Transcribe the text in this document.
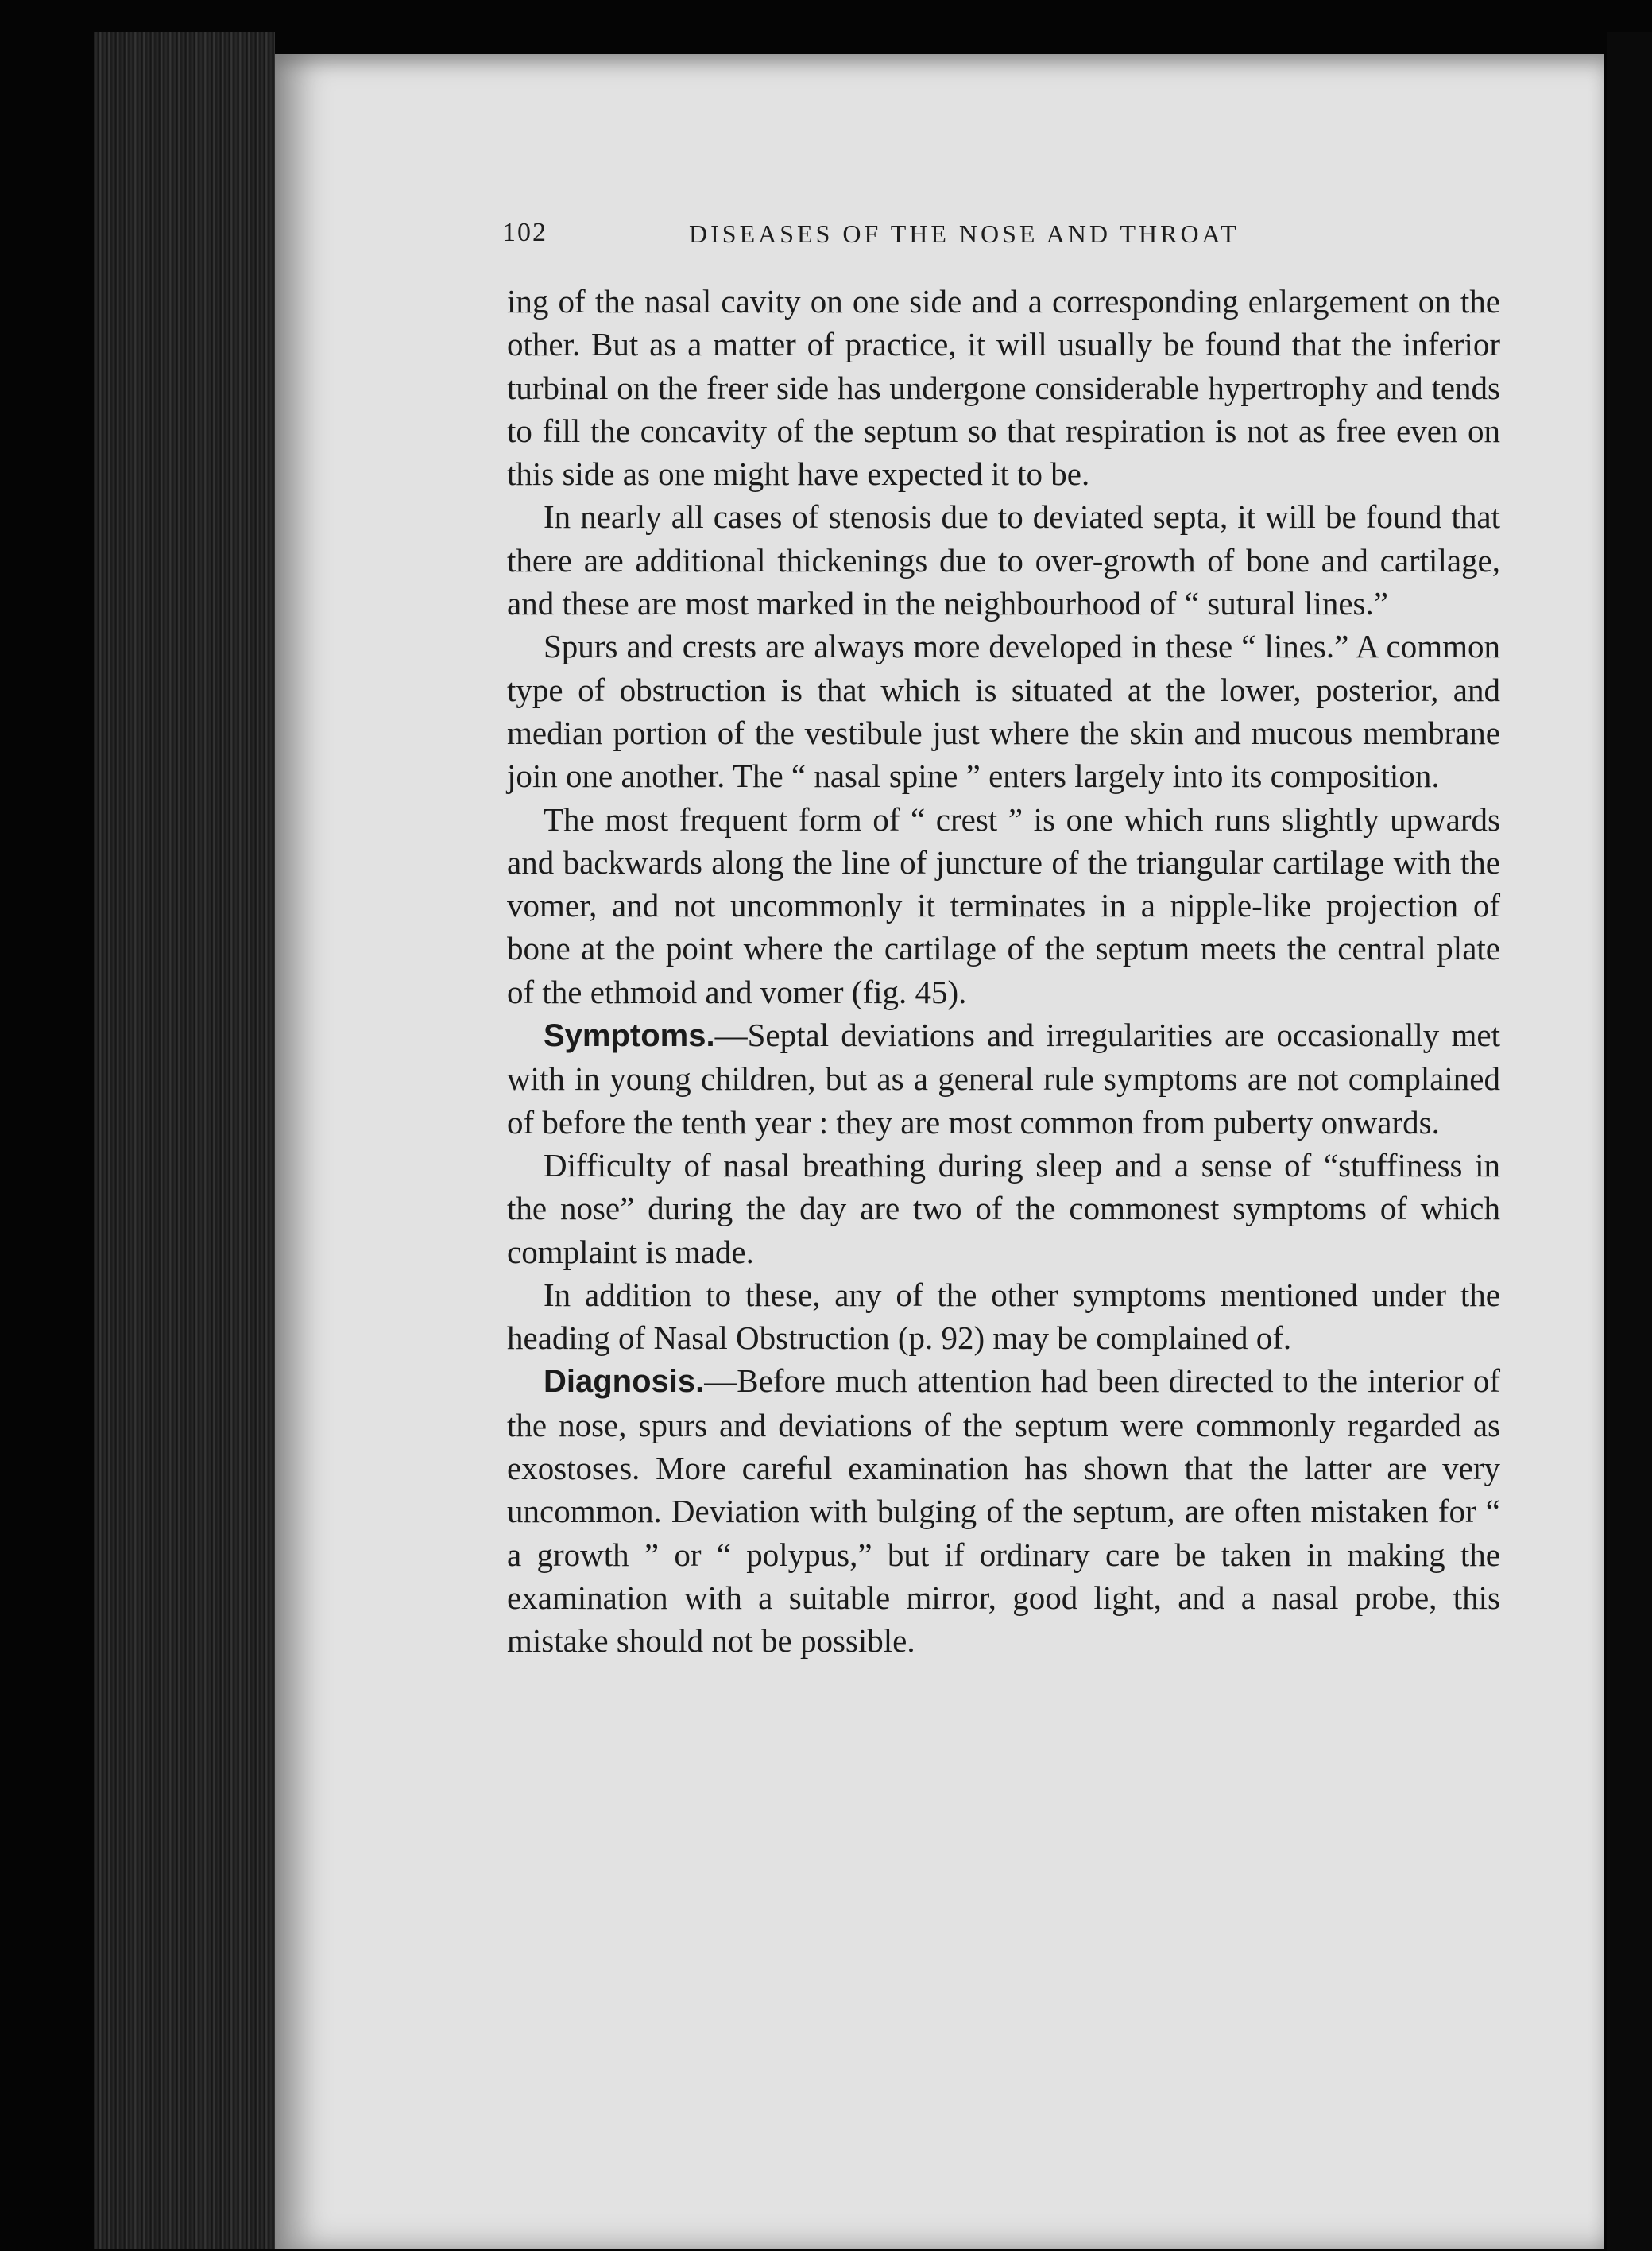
102	DISEASES OF THE NOSE AND THROAT

ing of the nasal cavity on one side and a corresponding enlargement on the other. But as a matter of practice, it will usually be found that the inferior turbinal on the freer side has undergone considerable hypertrophy and tends to fill the concavity of the septum so that respiration is not as free even on this side as one might have expected it to be.

In nearly all cases of stenosis due to deviated septa, it will be found that there are additional thickenings due to over-growth of bone and cartilage, and these are most marked in the neighbourhood of “ sutural lines.”

Spurs and crests are always more developed in these “ lines.” A common type of obstruction is that which is situated at the lower, posterior, and median portion of the vestibule just where the skin and mucous membrane join one another. The “ nasal spine ” enters largely into its composition.

The most frequent form of “ crest ” is one which runs slightly upwards and backwards along the line of juncture of the triangular cartilage with the vomer, and not uncommonly it terminates in a nipple-like projection of bone at the point where the cartilage of the septum meets the central plate of the ethmoid and vomer (fig. 45).

Symptoms.—Septal deviations and irregularities are occasionally met with in young children, but as a general rule symptoms are not complained of before the tenth year : they are most common from puberty onwards.

Difficulty of nasal breathing during sleep and a sense of “stuffiness in the nose” during the day are two of the commonest symptoms of which complaint is made.

In addition to these, any of the other symptoms mentioned under the heading of Nasal Obstruction (p. 92) may be complained of.

Diagnosis.—Before much attention had been directed to the interior of the nose, spurs and deviations of the septum were commonly regarded as exostoses. More careful examination has shown that the latter are very uncommon. Deviation with bulging of the septum, are often mistaken for “ a growth ” or “ polypus,” but if ordinary care be taken in making the examination with a suitable mirror, good light, and a nasal probe, this mistake should not be possible.
